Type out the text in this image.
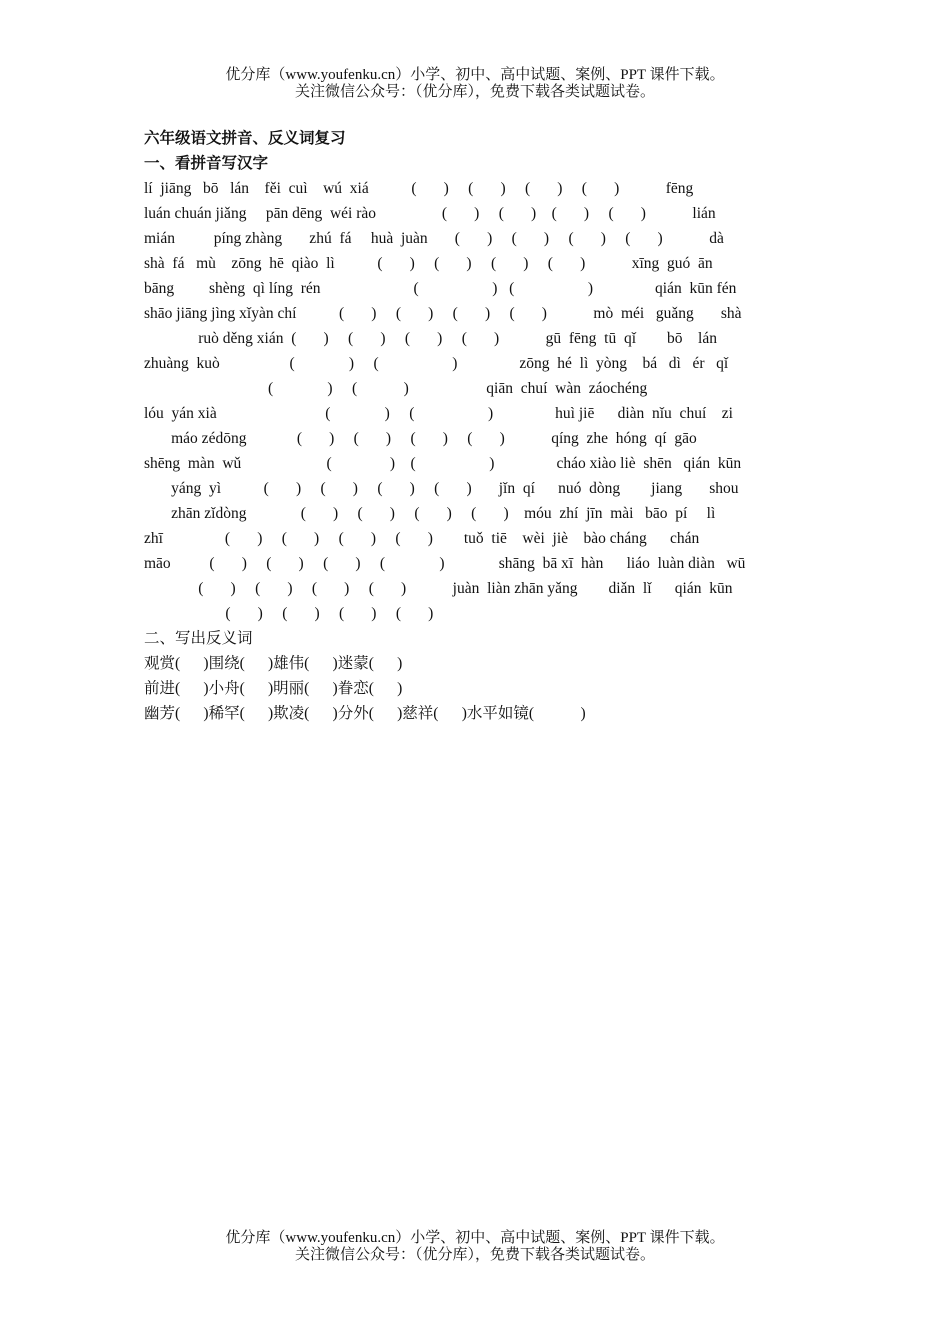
优分库（www.youfenku.cn）小学、初中、高中试题、案例、PPT 课件下载。
关注微信公众号：（优分库），免费下载各类试题试卷。
六年级语文拼音、反义词复习
一、看拼音写汉字
lí  jiāng   bō   lán    fěi  cuì    wú  xiá           (       )     (       )     (       )     (       )            fēng
luán chuán jiǎng     pān dēng  wéi rào                 (       )     (       )    (       )     (       )            lián
mián          píng zhàng       zhú  fá     huà  juàn       (       )     (       )     (       )     (       )            dà
shà  fá   mù    zōng  hē  qiào  lì           (       )     (       )     (       )     (       )            xīng  guó  ān
bāng         shèng  qì líng  rén                        (                   )   (                   )                qián  kūn fén
shāo jiāng jìng xǐyàn chí           (       )     (       )     (       )     (       )            mò  méi   guǎng       shà
ruò děng xián  (       )     (       )     (       )     (       )            gū  fēng  tū  qǐ        bō    lán
zhuàng  kuò                  (              )     (                   )                zōng  hé  lì  yòng    bá   dì   ér   qǐ
(              )     (            )                    qiān  chuí  wàn  záochéng
lóu  yán xià                            (              )     (                   )                huì jiē      diàn  nǐu  chuí    zi
máo zédōng             (       )     (       )     (       )     (       )            qíng  zhe  hóng  qí  gāo
shēng  màn  wǔ                      (               )    (                   )                cháo xiào liè  shēn   qián  kūn
yáng  yì           (       )     (       )     (       )     (       )       jǐn  qí      nuó  dòng        jiang       shou
zhān zǐdòng              (       )     (       )     (       )     (       )    móu  zhí  jīn  mài   bāo  pí     lì
zhī                (       )     (       )     (       )     (       )        tuǒ  tiē    wèi  jiè    bào cháng      chán
māo          (       )     (       )     (       )     (              )              shāng  bā xī  hàn      liáo  luàn diàn   wū
(       )     (       )     (       )     (       )            juàn  liàn zhān yǎng        diǎn  lǐ      qián  kūn
(       )     (       )     (       )     (       )
二、写出反义词
观赏(      )围绕(      )雄伟(      )迷蒙(      )
前进(      )小舟(      )明丽(      )眷恋(      )
幽芳(      )稀罕(      )欺凌(      )分外(      )慈祥(      )水平如镜(            )
优分库（www.youfenku.cn）小学、初中、高中试题、案例、PPT 课件下载。
关注微信公众号：（优分库），免费下载各类试题试卷。
